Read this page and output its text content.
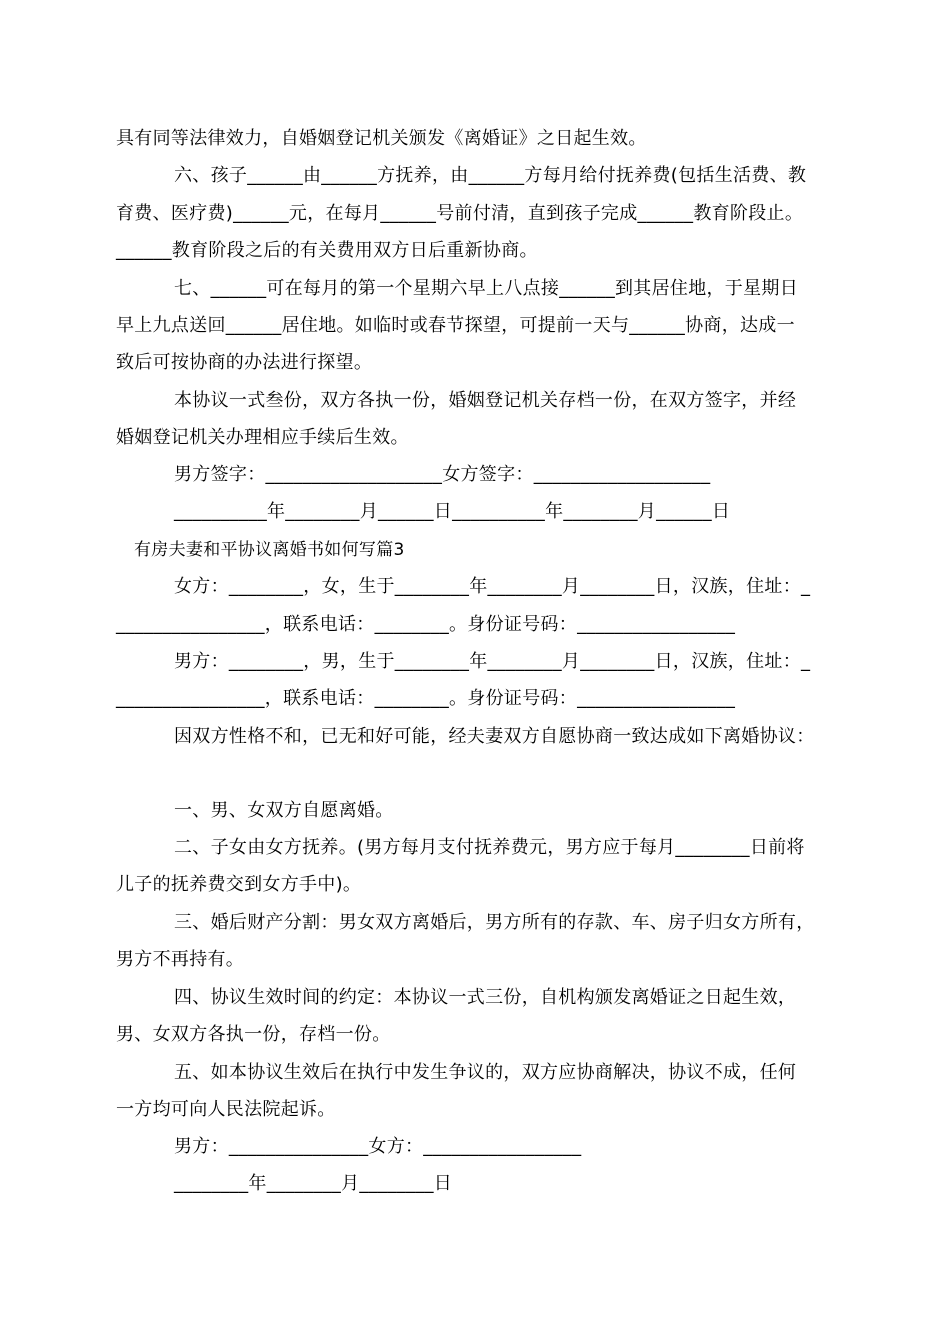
具有同等法律效力，自婚姻登记机关颁发《离婚证》之日起生效。

六、孩子______由______方抚养，由______方每月给付抚养费(包括生活费、教

育费、医疗费)______元，在每月______号前付清，直到孩子完成______教育阶段止。

______教育阶段之后的有关费用双方日后重新协商。

七、______可在每月的第一个星期六早上八点接______到其居住地，于星期日

早上九点送回______居住地。如临时或春节探望，可提前一天与______协商，达成一

致后可按协商的办法进行探望。

本协议一式叁份，双方各执一份，婚姻登记机关存档一份，在双方签字，并经

婚姻登记机关办理相应手续后生效。

男方签字：___________________女方签字：___________________

__________年________月______日__________年________月______日

有房夫妻和平协议离婚书如何写篇3

女方：________，女，生于________年________月________日，汉族，住址：_

________________，联系电话：________。身份证号码：_________________

男方：________，男，生于________年________月________日，汉族，住址：_

________________，联系电话：________。身份证号码：_________________

因双方性格不和，已无和好可能，经夫妻双方自愿协商一致达成如下离婚协议：

一、男、女双方自愿离婚。

二、子女由女方抚养。(男方每月支付抚养费元，男方应于每月________日前将

儿子的抚养费交到女方手中)。

三、婚后财产分割：男女双方离婚后，男方所有的存款、车、房子归女方所有，

男方不再持有。

四、协议生效时间的约定：本协议一式三份，自机构颁发离婚证之日起生效，

男、女双方各执一份，存档一份。

五、如本协议生效后在执行中发生争议的，双方应协商解决，协议不成，任何

一方均可向人民法院起诉。

男方：_______________女方：_________________

________年________月________日
